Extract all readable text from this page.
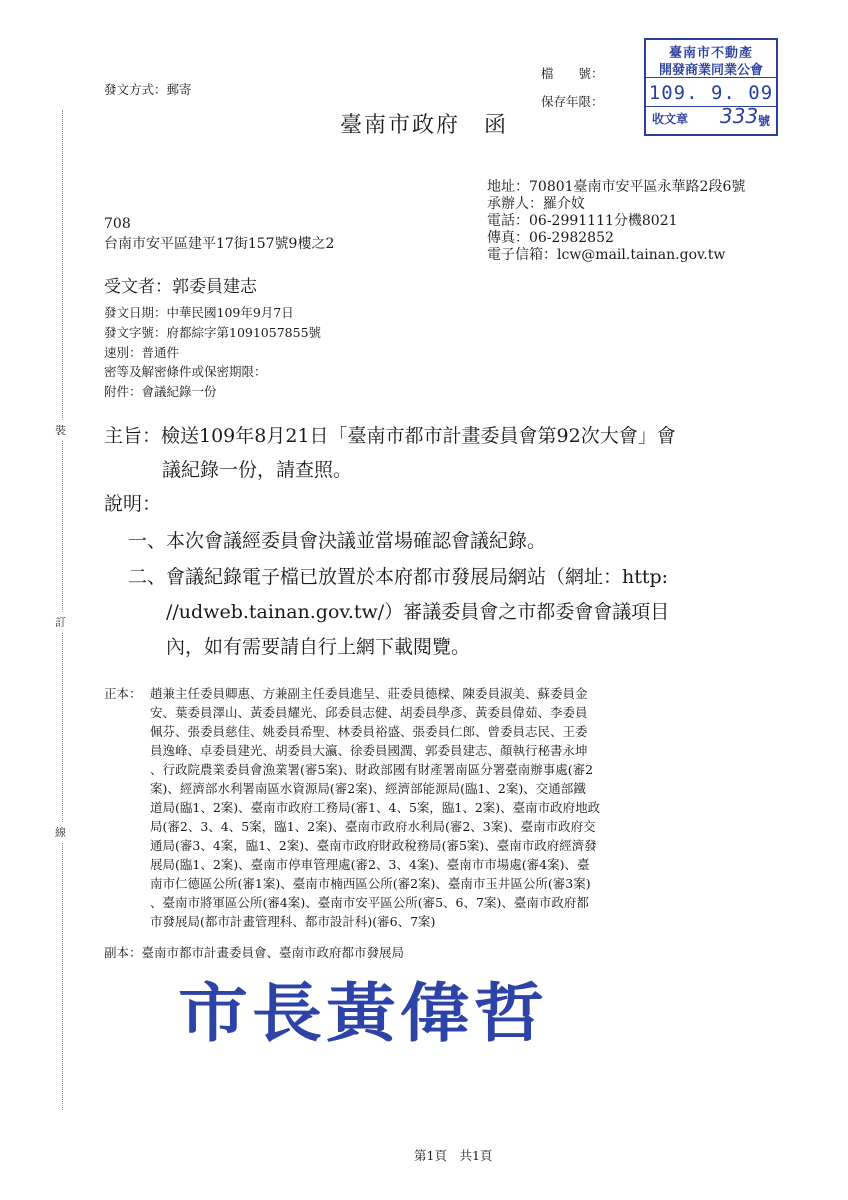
裝
訂
線
發文方式：郵寄
檔　　號：
保存年限：
臺南市不動產
開發商業同業公會
109. 9. 09
收文章 333 號
臺南市政府　函
地址：70801臺南市安平區永華路2段6號
承辦人：羅介妏
電話：06-2991111分機8021
傳真：06-2982852
電子信箱：lcw@mail.tainan.gov.tw
708
台南市安平區建平17街157號9樓之2
受文者：郭委員建志
發文日期：中華民國109年9月7日
發文字號：府都綜字第1091057855號
速別：普通件
密等及解密條件或保密期限：
附件：會議紀錄一份
主旨：檢送109年8月21日「臺南市都市計畫委員會第92次大會」會
議紀錄一份，請查照。
說明：
一、本次會議經委員會決議並當場確認會議紀錄。
二、會議紀錄電子檔已放置於本府都市發展局網站（網址：http:
//udweb.tainan.gov.tw/）審議委員會之市都委會會議項目
內，如有需要請自行上網下載閱覽。
正本： 趙兼主任委員卿惠、方兼副主任委員進呈、莊委員德樑、陳委員淑美、蘇委員金
安、葉委員澤山、黃委員耀光、邱委員志健、胡委員學彥、黃委員偉茹、李委員
佩芬、張委員慈佳、姚委員希聖、林委員裕盛、張委員仁郎、曾委員志民、王委
員逸峰、卓委員建光、胡委員大瀛、徐委員國潤、郭委員建志、顏執行秘書永坤
、行政院農業委員會漁業署(審5案)、財政部國有財產署南區分署臺南辦事處(審2
案)、經濟部水利署南區水資源局(審2案)、經濟部能源局(臨1、2案)、交通部鐵
道局(臨1、2案)、臺南市政府工務局(審1、4、5案，臨1、2案)、臺南市政府地政
局(審2、3、4、5案，臨1、2案)、臺南市政府水利局(審2、3案)、臺南市政府交
通局(審3、4案，臨1、2案)、臺南市政府財政稅務局(審5案)、臺南市政府經濟發
展局(臨1、2案)、臺南市停車管理處(審2、3、4案)、臺南市市場處(審4案)、臺
南市仁德區公所(審1案)、臺南市楠西區公所(審2案)、臺南市玉井區公所(審3案)
、臺南市將軍區公所(審4案)、臺南市安平區公所(審5、6、7案)、臺南市政府都
市發展局(都市計畫管理科、都市設計科)(審6、7案)
副本：臺南市都市計畫委員會、臺南市政府都市發展局
市長黃偉哲
第1頁　共1頁
